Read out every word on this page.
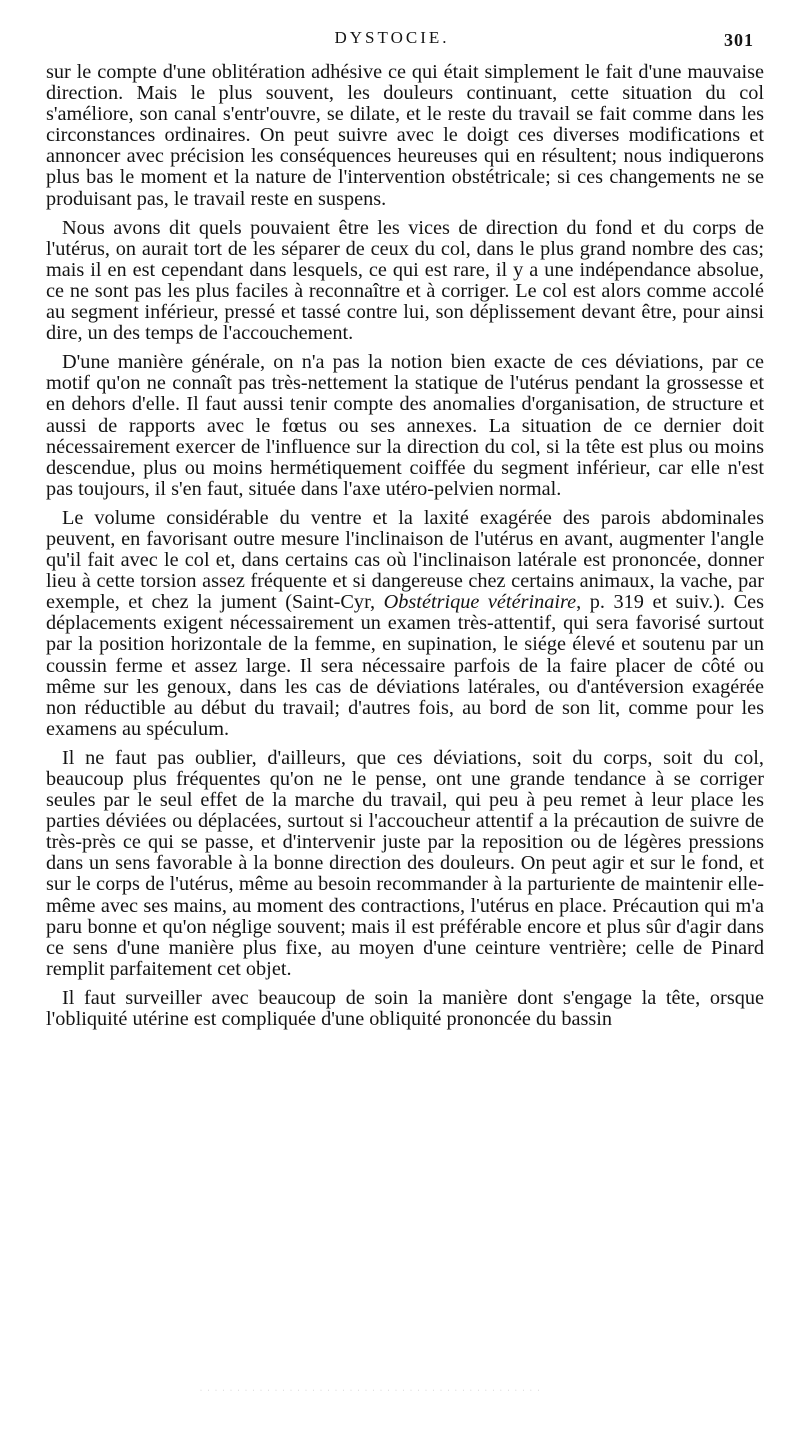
DYSTOCIE.	301

sur le compte d'une oblitération adhésive ce qui était simplement le fait d'une mauvaise direction. Mais le plus souvent, les douleurs continuant, cette situation du col s'améliore, son canal s'entr'ouvre, se dilate, et le reste du travail se fait comme dans les circonstances ordinaires. On peut suivre avec le doigt ces diverses modifications et annoncer avec précision les conséquences heureuses qui en résultent; nous indiquerons plus bas le moment et la nature de l'intervention obstétricale; si ces changements ne se produisant pas, le travail reste en suspens.

Nous avons dit quels pouvaient être les vices de direction du fond et du corps de l'utérus, on aurait tort de les séparer de ceux du col, dans le plus grand nombre des cas; mais il en est cependant dans lesquels, ce qui est rare, il y a une indépendance absolue, ce ne sont pas les plus faciles à reconnaître et à corriger. Le col est alors comme accolé au segment inférieur, pressé et tassé contre lui, son déplissement devant être, pour ainsi dire, un des temps de l'accouchement.

D'une manière générale, on n'a pas la notion bien exacte de ces déviations, par ce motif qu'on ne connaît pas très-nettement la statique de l'utérus pendant la grossesse et en dehors d'elle. Il faut aussi tenir compte des anomalies d'organisation, de structure et aussi de rapports avec le fœtus ou ses annexes. La situation de ce dernier doit nécessairement exercer de l'influence sur la direction du col, si la tête est plus ou moins descendue, plus ou moins hermétiquement coiffée du segment inférieur, car elle n'est pas toujours, il s'en faut, située dans l'axe utéro-pelvien normal.

Le volume considérable du ventre et la laxité exagérée des parois abdominales peuvent, en favorisant outre mesure l'inclinaison de l'utérus en avant, augmenter l'angle qu'il fait avec le col et, dans certains cas où l'inclinaison latérale est prononcée, donner lieu à cette torsion assez fréquente et si dangereuse chez certains animaux, la vache, par exemple, et chez la jument (Saint-Cyr, Obstétrique vétérinaire, p. 319 et suiv.). Ces déplacements exigent nécessairement un examen très-attentif, qui sera favorisé surtout par la position horizontale de la femme, en supination, le siége élevé et soutenu par un coussin ferme et assez large. Il sera nécessaire parfois de la faire placer de côté ou même sur les genoux, dans les cas de déviations latérales, ou d'antéversion exagérée non réductible au début du travail; d'autres fois, au bord de son lit, comme pour les examens au spéculum.

Il ne faut pas oublier, d'ailleurs, que ces déviations, soit du corps, soit du col, beaucoup plus fréquentes qu'on ne le pense, ont une grande tendance à se corriger seules par le seul effet de la marche du travail, qui peu à peu remet à leur place les parties déviées ou déplacées, surtout si l'accoucheur attentif a la précaution de suivre de très-près ce qui se passe, et d'intervenir juste par la reposition ou de légères pressions dans un sens favorable à la bonne direction des douleurs. On peut agir et sur le fond, et sur le corps de l'utérus, même au besoin recommander à la parturiente de maintenir elle-même avec ses mains, au moment des contractions, l'utérus en place. Précaution qui m'a paru bonne et qu'on néglige souvent; mais il est préférable encore et plus sûr d'agir dans ce sens d'une manière plus fixe, au moyen d'une ceinture ventrière; celle de Pinard remplit parfaitement cet objet.

Il faut surveiller avec beaucoup de soin la manière dont s'engage la tête, orsque l'obliquité utérine est compliquée d'une obliquité prononcée du bassin

· · · · · · · · · · · · · · · · · · · · · · · · · · · · · · · · · · · · · · · · · · · · · ·
